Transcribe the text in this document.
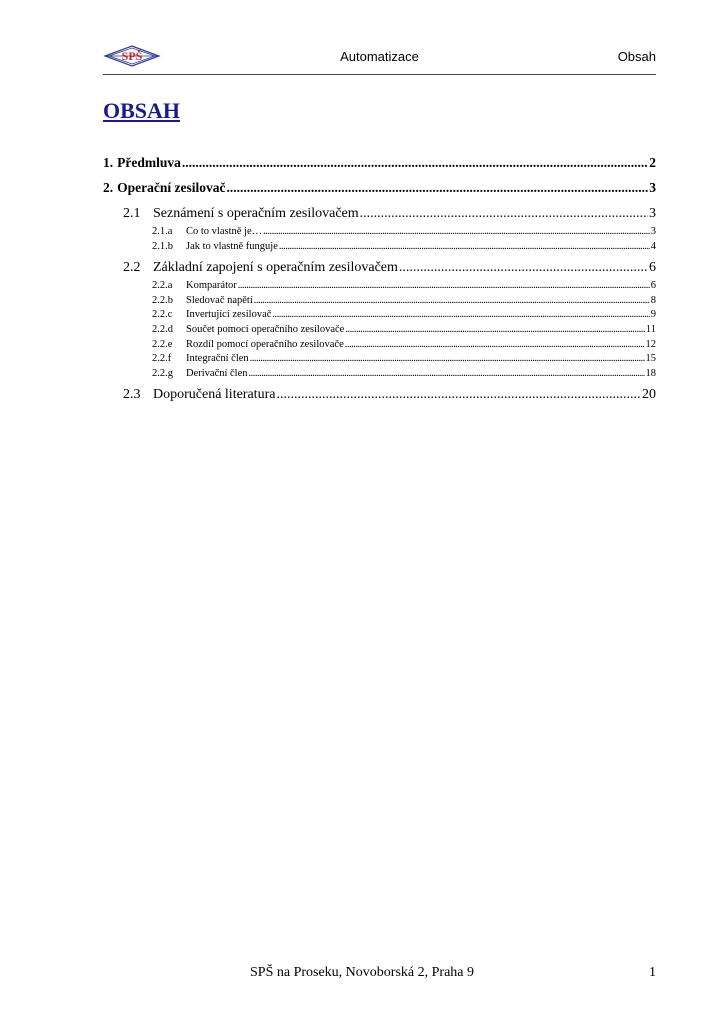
SPŠ	Automatizace	Obsah
OBSAH
1. Předmluva .....	2
2. Operační zesilovač .....	3
2.1 Seznámení s operačním zesilovačem .....	3
2.1.a	Co to vlastně je… .....	3
2.1.b	Jak to vlastně funguje .....	4
2.2 Základní zapojení s operačním zesilovačem .....	6
2.2.a	Komparátor .....	6
2.2.b	Sledovač napětí .....	8
2.2.c	Invertující zesilovač .....	9
2.2.d	Součet pomocí operačního zesilovače .....	11
2.2.e	Rozdíl pomocí operačního zesilovače .....	12
2.2.f	Integrační člen .....	15
2.2.g	Derivační člen .....	18
2.3 Doporučená literatura .....	20
SPŠ na Proseku, Novoborská 2, Praha 9	1
